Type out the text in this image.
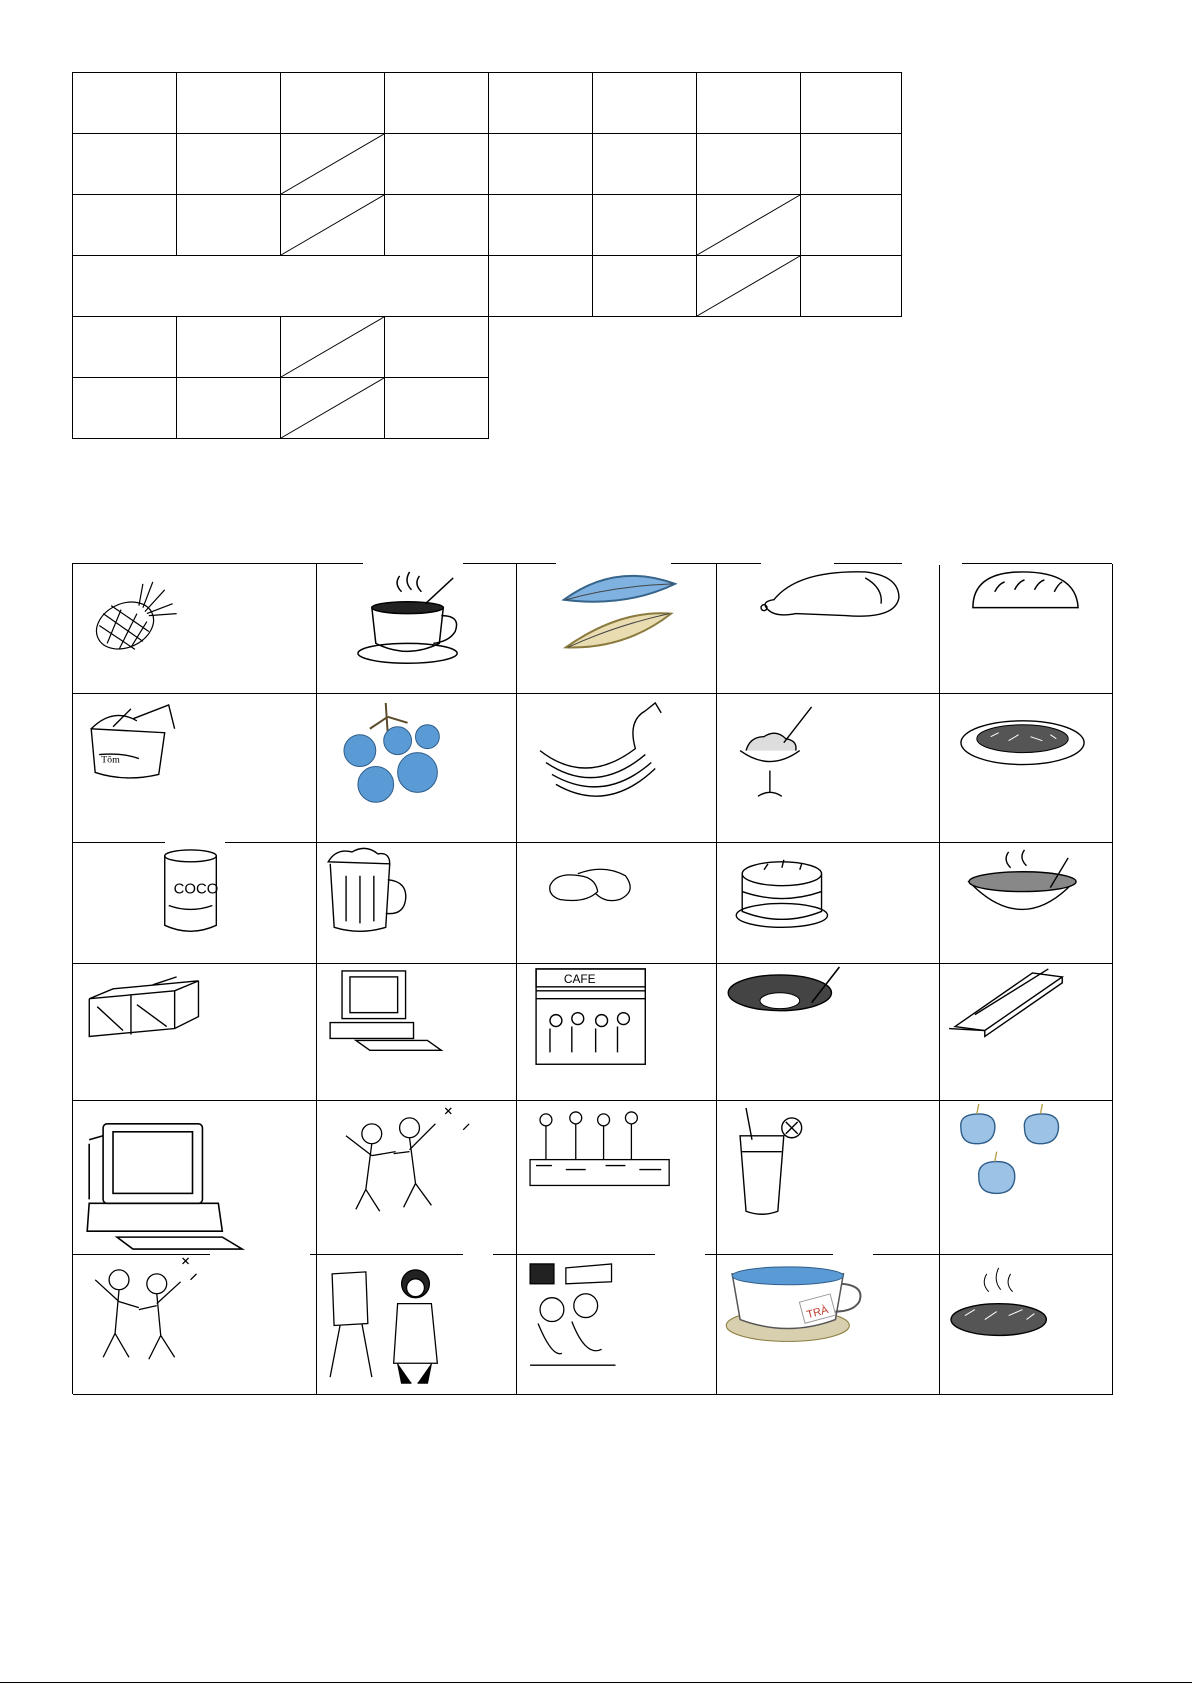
Tôm
COCO
CAFE
TRÀ
